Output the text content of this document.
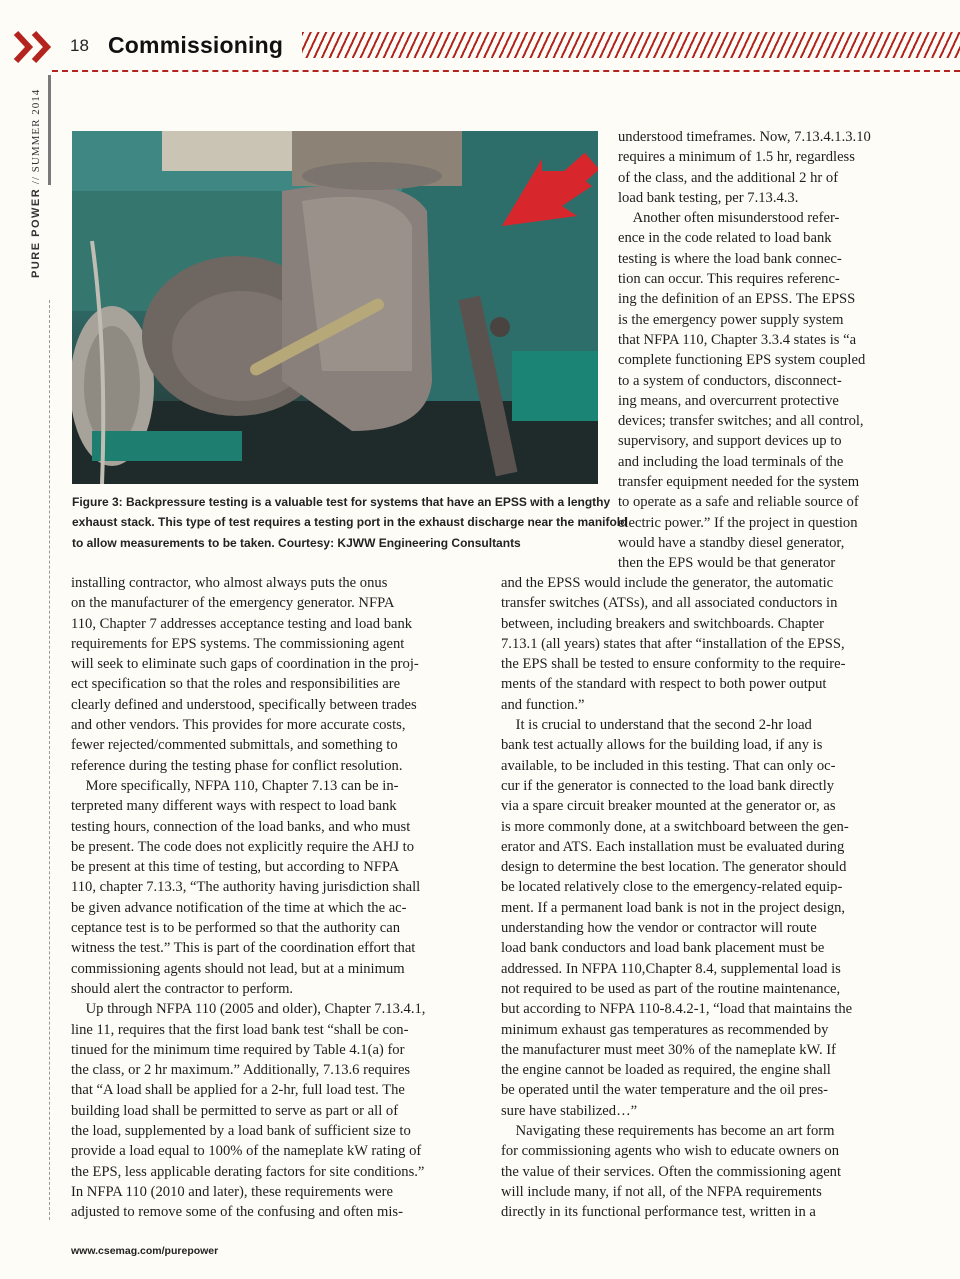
18 Commissioning
PURE POWER // SUMMER 2014
Figure 3: Backpressure testing is a valuable test for systems that have an EPSS with a lengthy
exhaust stack. This type of test requires a testing port in the exhaust discharge near the manifold
to allow measurements to be taken. Courtesy: KJWW Engineering Consultants
understood timeframes. Now, 7.13.4.1.3.10
requires a minimum of 1.5 hr, regardless
of the class, and the additional 2 hr of
load bank testing, per 7.13.4.3.
 Another often misunderstood refer-
ence in the code related to load bank
testing is where the load bank connec-
tion can occur. This requires referenc-
ing the definition of an EPSS. The EPSS
is the emergency power supply system
that NFPA 110, Chapter 3.3.4 states is “a
complete functioning EPS system coupled
to a system of conductors, disconnect-
ing means, and overcurrent protective
devices; transfer switches; and all control,
supervisory, and support devices up to
and including the load terminals of the
transfer equipment needed for the system
to operate as a safe and reliable source of
electric power.” If the project in question
would have a standby diesel generator,
then the EPS would be that generator
installing contractor, who almost always puts the onus
on the manufacturer of the emergency generator. NFPA
110, Chapter 7 addresses acceptance testing and load bank
requirements for EPS systems. The commissioning agent
will seek to eliminate such gaps of coordination in the proj-
ect specification so that the roles and responsibilities are
clearly defined and understood, specifically between trades
and other vendors. This provides for more accurate costs,
fewer rejected/commented submittals, and something to
reference during the testing phase for conflict resolution.
 More specifically, NFPA 110, Chapter 7.13 can be in-
terpreted many different ways with respect to load bank
testing hours, connection of the load banks, and who must
be present. The code does not explicitly require the AHJ to
be present at this time of testing, but according to NFPA
110, chapter 7.13.3, “The authority having jurisdiction shall
be given advance notification of the time at which the ac-
ceptance test is to be performed so that the authority can
witness the test.” This is part of the coordination effort that
commissioning agents should not lead, but at a minimum
should alert the contractor to perform.
 Up through NFPA 110 (2005 and older), Chapter 7.13.4.1,
line 11, requires that the first load bank test “shall be con-
tinued for the minimum time required by Table 4.1(a) for
the class, or 2 hr maximum.” Additionally, 7.13.6 requires
that “A load shall be applied for a 2-hr, full load test. The
building load shall be permitted to serve as part or all of
the load, supplemented by a load bank of sufficient size to
provide a load equal to 100% of the nameplate kW rating of
the EPS, less applicable derating factors for site conditions.”
In NFPA 110 (2010 and later), these requirements were
adjusted to remove some of the confusing and often mis-
and the EPSS would include the generator, the automatic
transfer switches (ATSs), and all associated conductors in
between, including breakers and switchboards. Chapter
7.13.1 (all years) states that after “installation of the EPSS,
the EPS shall be tested to ensure conformity to the require-
ments of the standard with respect to both power output
and function.”
 It is crucial to understand that the second 2-hr load
bank test actually allows for the building load, if any is
available, to be included in this testing. That can only oc-
cur if the generator is connected to the load bank directly
via a spare circuit breaker mounted at the generator or, as
is more commonly done, at a switchboard between the gen-
erator and ATS. Each installation must be evaluated during
design to determine the best location. The generator should
be located relatively close to the emergency-related equip-
ment. If a permanent load bank is not in the project design,
understanding how the vendor or contractor will route
load bank conductors and load bank placement must be
addressed. In NFPA 110,Chapter 8.4, supplemental load is
not required to be used as part of the routine maintenance,
but according to NFPA 110-8.4.2-1, “load that maintains the
minimum exhaust gas temperatures as recommended by
the manufacturer must meet 30% of the nameplate kW. If
the engine cannot be loaded as required, the engine shall
be operated until the water temperature and the oil pres-
sure have stabilized…”
 Navigating these requirements has become an art form
for commissioning agents who wish to educate owners on
the value of their services. Often the commissioning agent
will include many, if not all, of the NFPA requirements
directly in its functional performance test, written in a
www.csemag.com/purepower
